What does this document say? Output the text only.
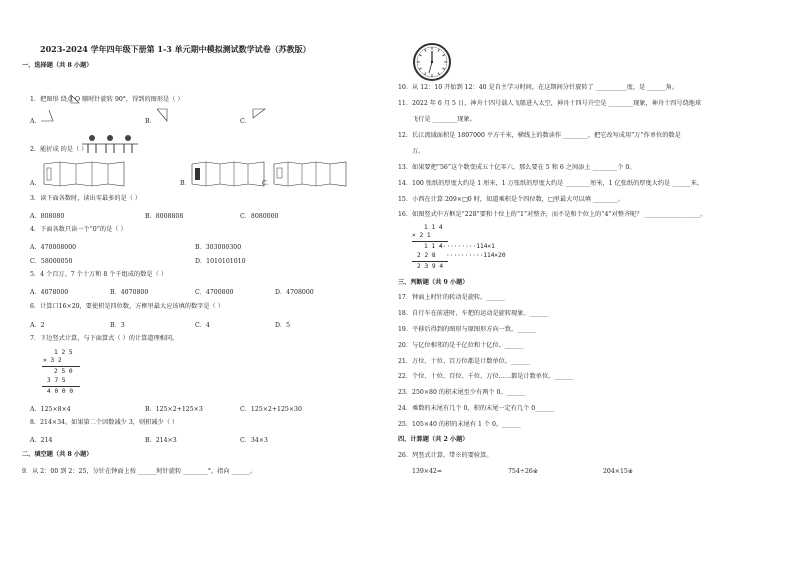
2023-2024 学年四年级下册第 1-3 单元期中模拟测试数学试卷（苏教版）
一、选择题（共 8 小题）
1．把图形 绕点 O 顺时针旋转 90°，得到的图形是（ ）
A．	B．	C．
2．能折成 的是（ ）
A．	B．	C．
3．读下面各数时，读出零最多的是（ ）
A．808080	B．8008808	C．8080000
4．下面各数只读一个“0”的是（ ）
A．470008000	B．303000300
C．58000050	D．1010101010
5．4 个百万、7 个十万和 8 个千组成的数是（ ）
A．4078000	B．4070800	C．4700800	D．4708000
6．计算口16×20，要使积是四位数，方框里最大应该填的数字是（ ）
A．2	B．3	C．4	D．5
7．下边竖式计算，与下面算式（ ）的计算道理相同。
1 2 5
× 3 2
2 5 0
3 7 5
4 0 0 0
A．125×8×4	B．125×2+125×3	C．125×2+125×30
8．214×34，如果第二个因数减少 3，则积减少（ ）
A．214	B．214×3	C．34×3
二、填空题（共 8 小题）
9．从 2：00 到 2：25，分针在钟面上按 ______时针旋转 ________°，指向 ______。
10．从 12：10 开始到 12：40 是自主学习时间，在这期间分针旋转了 __________度，是 ______角。
11．2022 年 6 月 5 日，神舟十四号载人飞船进入太空，神舟十四号升空是 ________现象，神舟十四号绕地球
飞行是 ________现象。
12．长江流域面积是 1807000 平方千米，横线上的数读作 ________，把它改写成用“万”作单位的数是
万。
13．如果要把“56”这个数变成五十亿零六，那么要在 5 和 6 之间添上 ________个 0。
14．100 张纸的厚度大约是 1 厘米，1 万张纸的厚度大约是 ________厘米，1 亿张纸的厚度大约是 ______米。
15．小西在计算 209×□0 时，知道乘积是个四位数，□里最大可以填 ________。
16．如图竖式中方框是“228”要和十位上的“1”对整齐，而不是和个位上的“4”对整齐呢？ __________________。
1 1 4
× 2 1
1 1 4
··········114×1
2 2 8 ··········114×20
2 3 9 4
三、判断题（共 9 小题）
17．钟面上时针的转动是旋转。______
18．自行车在前进时，车把的运动是旋转现象。______
19．平移后得到的图形与原图形方向一致。______
20．与亿位相邻的是千亿位和十亿位。______
21．万位、十位、百万位都是计数单位。______
22．个位、十位、百位、千位、万位……都是计数单位。______
23．250×80 的积末尾至少有两个 0。______
24．乘数的末尾有几个 0，积的末尾一定有几个 0______
25．105×40 的积的末尾有 1 个 0。______
四、计算题（共 2 小题）
26．列竖式计算，带※的要验算。
139×42=	754÷26※	204×15※
